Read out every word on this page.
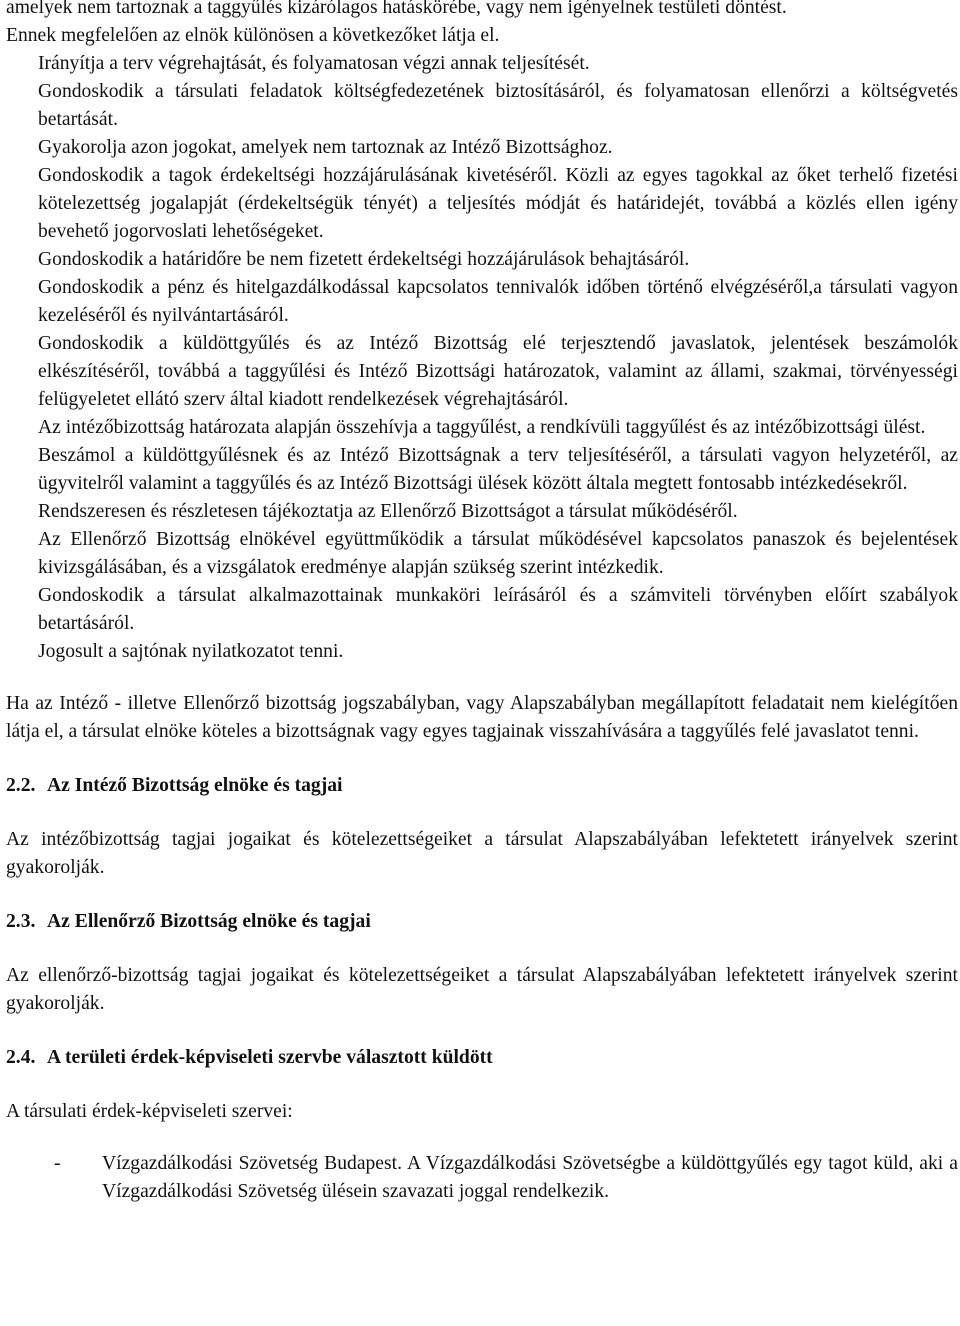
amelyek nem tartoznak a taggyűlés kizárólagos hatáskörébe, vagy nem igényelnek testületi döntést.

Ennek megfelelően az elnök különösen a következőket látja el.

Irányítja a terv végrehajtását, és folyamatosan végzi annak teljesítését.

Gondoskodik a társulati feladatok költségfedezetének biztosításáról, és folyamatosan ellenőrzi a költségvetés betartását.

Gyakorolja azon jogokat, amelyek nem tartoznak az Intéző Bizottsághoz.

Gondoskodik a tagok érdekeltségi hozzájárulásának kivetéséről. Közli az egyes tagokkal az őket terhelő fizetési kötelezettség jogalapját (érdekeltségük tényét) a teljesítés módját és határidejét, továbbá a közlés ellen igény bevehető jogorvoslati lehetőségeket.

Gondoskodik a határidőre be nem fizetett érdekeltségi hozzájárulások behajtásáról.

Gondoskodik a pénz és hitelgazdálkodással kapcsolatos tennivalók időben történő elvégzéséről,a társulati vagyon kezeléséről és nyilvántartásáról.

Gondoskodik a küldöttgyűlés és az Intéző Bizottság elé terjesztendő javaslatok, jelentések beszámolók elkészítéséről, továbbá a taggyűlési és Intéző Bizottsági határozatok, valamint az állami, szakmai, törvényességi felügyeletet ellátó szerv által kiadott rendelkezések végrehajtásáról.

Az intézőbizottság határozata alapján összehívja a taggyűlést, a rendkívüli taggyűlést és az intézőbizottsági ülést.

Beszámol a küldöttgyűlésnek és az Intéző Bizottságnak a terv teljesítéséről, a társulati vagyon helyzetéről, az ügyvitelről valamint a taggyűlés és az Intéző Bizottsági ülések között általa megtett fontosabb intézkedésekről.

Rendszeresen és részletesen tájékoztatja az Ellenőrző Bizottságot a társulat működéséről.

Az Ellenőrző Bizottság elnökével együttműködik a társulat működésével kapcsolatos panaszok és bejelentések kivizsgálásában, és a vizsgálatok eredménye alapján szükség szerint intézkedik.

Gondoskodik a társulat alkalmazottainak munkaköri leírásáról és a számviteli törvényben előírt szabályok betartásáról.

Jogosult a sajtónak nyilatkozatot tenni.

Ha az Intéző - illetve Ellenőrző bizottság jogszabályban, vagy Alapszabályban megállapított feladatait nem kielégítően látja el, a társulat elnöke köteles a bizottságnak vagy egyes tagjainak visszahívására a taggyűlés felé javaslatot tenni.

2.2. Az Intéző Bizottság elnöke és tagjai

Az intézőbizottság tagjai jogaikat és kötelezettségeiket a társulat Alapszabályában lefektetett irányelvek szerint gyakorolják.

2.3. Az Ellenőrző Bizottság elnöke és tagjai

Az ellenőrző-bizottság tagjai jogaikat és kötelezettségeiket a társulat Alapszabályában lefektetett irányelvek szerint gyakorolják.

2.4. A területi érdek-képviseleti szervbe választott küldött

A társulati érdek-képviseleti szervei:

- Vízgazdálkodási Szövetség Budapest. A Vízgazdálkodási Szövetségbe a küldöttgyűlés egy tagot küld, aki a Vízgazdálkodási Szövetség ülésein szavazati joggal rendelkezik.
